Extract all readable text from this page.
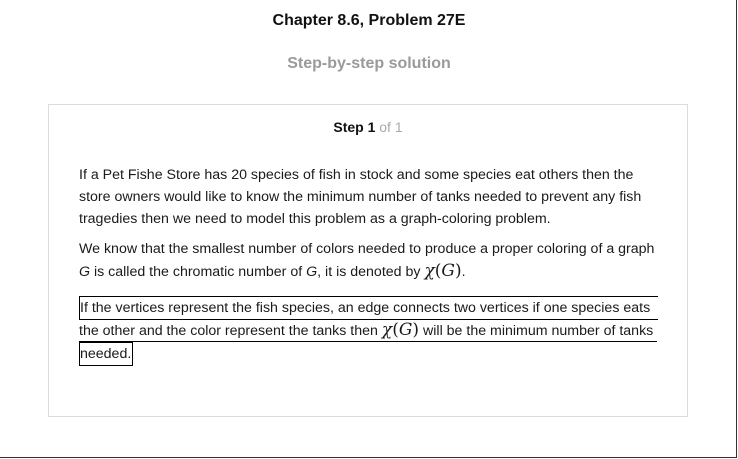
Chapter 8.6, Problem 27E
Step-by-step solution
Step 1 of 1
If a Pet Fishe Store has 20 species of fish in stock and some species eat others then the store owners would like to know the minimum number of tanks needed to prevent any fish tragedies then we need to model this problem as a graph-coloring problem.
We know that the smallest number of colors needed to produce a proper coloring of a graph
G is called the chromatic number of G, it is denoted by χ(G).
If the vertices represent the fish species, an edge connects two vertices if one species eats
the other and the color represent the tanks then χ(G) will be the minimum number of tanks
needed.
